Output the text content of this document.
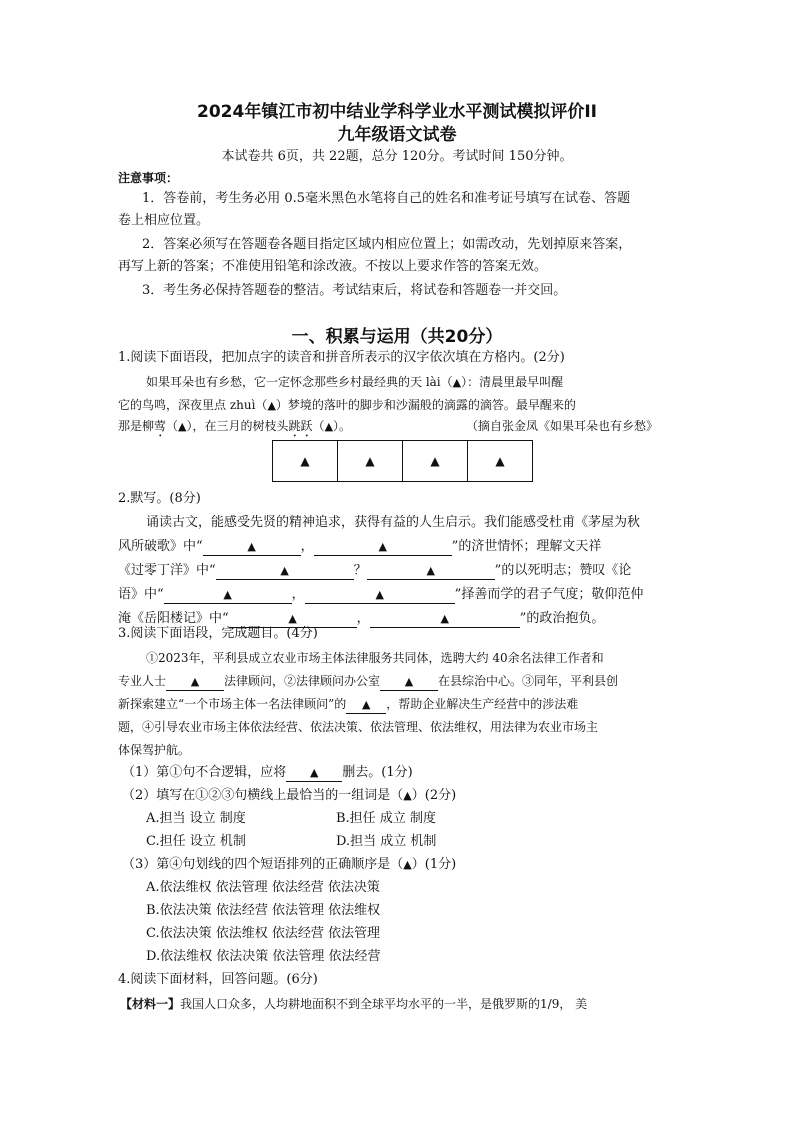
2024年镇江市初中结业学科学业水平测试模拟评价II
九年级语文试卷
本试卷共 6页，共 22题，总分 120分。考试时间 150分钟。
注意事项：
1．答卷前，考生务必用 0.5毫米黑色水笔将自己的姓名和准考证号填写在试卷、答题
卷上相应位置。
2．答案必须写在答题卷各题目指定区域内相应位置上；如需改动，先划掉原来答案，
再写上新的答案；不准使用铅笔和涂改液。不按以上要求作答的答案无效。
3．考生务必保持答题卷的整洁。考试结束后，将试卷和答题卷一并交回。
一、积累与运用（共20分）
1.阅读下面语段，把加点字的读音和拼音所表示的汉字依次填在方格内。(2分)
如果耳朵也有乡愁，它一定怀念那些乡村最经典的天 lài（▲）：清晨里最早叫醒
它的鸟鸣，深夜里点 zhuì（▲）梦境的落叶的脚步和沙漏般的滴露的滴答。最早醒来的
那是柳莺（▲），在三月的树枝头跳跃（▲）。	（摘自张金凤《如果耳朵也有乡愁》
▲	▲	▲	▲
2.默写。(8分)
诵读古文，能感受先贤的精神追求，获得有益的人生启示。我们能感受杜甫《茅屋为秋
风所破歌》中“	▲	，	▲	”的济世情怀；理解文天祥
《过零丁洋》中“	▲	？	▲	”的以死明志；赞叹《论
语》中“	▲	，	▲	”择善而学的君子气度；敬仰范仲
淹《岳阳楼记》中“	▲	，	▲	”的政治抱负。
3.阅读下面语段，完成题目。(4分)
①2023年，平利县成立农业市场主体法律服务共同体，选聘大约 40余名法律工作者和
专业人士 ▲ 法律顾问，②法律顾问办公室 ▲ 在县综治中心。③同年，平利县创
新探索建立“一个市场主体一名法律顾问”的 ▲ ，帮助企业解决生产经营中的涉法难
题，④引导农业市场主体依法经营、依法决策、依法管理、依法维权，用法律为农业市场主
体保驾护航。
（1）第①句不合逻辑，应将 ▲ 删去。(1分)
（2）填写在①②③句横线上最恰当的一组词是（▲）(2分)
A.担当 设立 制度	B.担任 成立 制度
C.担任 设立 机制	D.担当 成立 机制
（3）第④句划线的四个短语排列的正确顺序是（▲）(1分)
A.依法维权 依法管理 依法经营 依法决策
B.依法决策 依法经营 依法管理 依法维权
C.依法决策 依法维权 依法经营 依法管理
D.依法维权 依法决策 依法管理 依法经营
4.阅读下面材料，回答问题。(6分)
【材料一】我国人口众多，人均耕地面积不到全球平均水平的一半，是俄罗斯的1/9， 美
